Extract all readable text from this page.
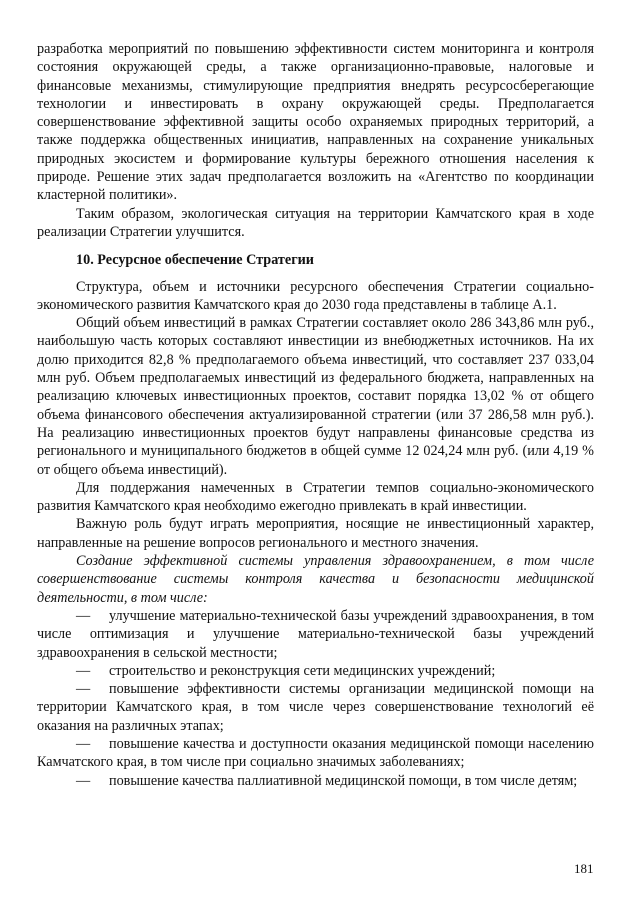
разработка мероприятий по повышению эффективности систем мониторинга и контроля состояния окружающей среды, а также организационно-правовые, налоговые и финансовые механизмы, стимулирующие предприятия внедрять ресурсосберегающие технологии и инвестировать в охрану окружающей среды. Предполагается совершенствование эффективной защиты особо охраняемых природных территорий, а также поддержка общественных инициатив, направленных на сохранение уникальных природных экосистем и формирование культуры бережного отношения населения к природе. Решение этих задач предполагается возложить на «Агентство по координации кластерной политики».

Таким образом, экологическая ситуация на территории Камчатского края в ходе реализации Стратегии улучшится.

10. Ресурсное обеспечение Стратегии

Структура, объем и источники ресурсного обеспечения Стратегии социально-экономического развития Камчатского края до 2030 года представлены в таблице А.1.

Общий объем инвестиций в рамках Стратегии составляет около 286 343,86 млн руб., наибольшую часть которых составляют инвестиции из внебюджетных источников. На их долю приходится 82,8 % предполагаемого объема инвестиций, что составляет 237 033,04 млн руб. Объем предполагаемых инвестиций из федерального бюджета, направленных на реализацию ключевых инвестиционных проектов, составит порядка 13,02 % от общего объема финансового обеспечения актуализированной стратегии (или 37 286,58 млн руб.). На реализацию инвестиционных проектов будут направлены финансовые средства из регионального и муниципального бюджетов в общей сумме 12 024,24 млн руб. (или 4,19 % от общего объема инвестиций).

Для поддержания намеченных в Стратегии темпов социально-экономического развития Камчатского края необходимо ежегодно привлекать в край инвестиции.

Важную роль будут играть мероприятия, носящие не инвестиционный характер, направленные на решение вопросов регионального и местного значения.

Создание эффективной системы управления здравоохранением, в том числе совершенствование системы контроля качества и безопасности медицинской деятельности, в том числе:

— улучшение материально-технической базы учреждений здравоохранения, в том числе оптимизация и улучшение материально-технической базы учреждений здравоохранения в сельской местности;

— строительство и реконструкция сети медицинских учреждений;

— повышение эффективности системы организации медицинской помощи на территории Камчатского края, в том числе через совершенствование технологий её оказания на различных этапах;

— повышение качества и доступности оказания медицинской помощи населению Камчатского края, в том числе при социально значимых заболеваниях;

— повышение качества паллиативной медицинской помощи, в том числе детям;

181
